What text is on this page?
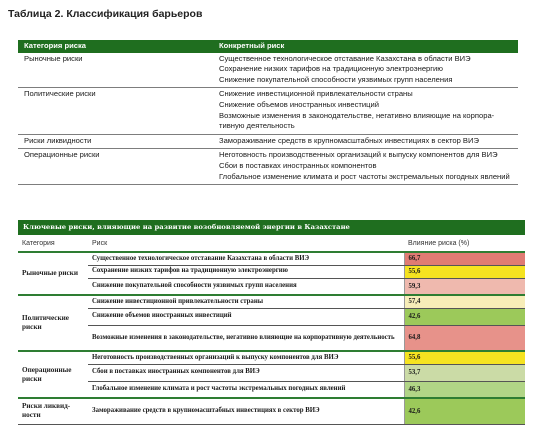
Таблица 2. Классификация барьеров
Категория риска	Конкретный риск
Рыночные риски	Существенное технологическое отставание Казахстана в области ВИЭ
Сохранение низких тарифов на традиционную электроэнергию
Снижение покупательной способности уязвимых групп населения

Политические риски	Снижение инвестиционной привлекательности страны
Снижение объемов иностранных инвестиций
Возможные изменения в законодательстве, негативно влияющие на корпора-тивную деятельность

Риски ликвидности	Замораживание средств в крупномасштабных инвестициях в сектор ВИЭ

Операционные риски	Неготовность производственных организаций к выпуску компонентов для ВИЭ
Сбои в поставках иностранных компонентов
Глобальное изменение климата и рост частоты экстремальных погодных явлений
Ключевые риски, влияющие на развитие возобновляемой энергии в Казахстане
Категория	Риск	Влияние риска (%)
Рыночные риски	Существенное технологическое отставание Казахстана в области ВИЭ	66,7
	Сохранение низких тарифов на традиционную электроэнергию	55,6
	Снижение покупательной способности уязвимых групп населения	59,3
Политические риски	Снижение инвестиционной привлекательности страны	57,4
	Снижение объемов иностранных инвестиций	42,6
	Возможные изменения в законодательстве, негативно влияющие на корпоративную деятельность	64,8
Операционные риски	Неготовность производственных организаций к выпуску компонентов для ВИЭ	55,6
	Сбои в поставках иностранных компонентов для ВИЭ	53,7
	Глобальное изменение климата и рост частоты экстремальных погодных явлений	46,3
Риски ликвид-ности	Замораживание средств в крупномасштабных инвестициях в сектор ВИЭ	42,6
